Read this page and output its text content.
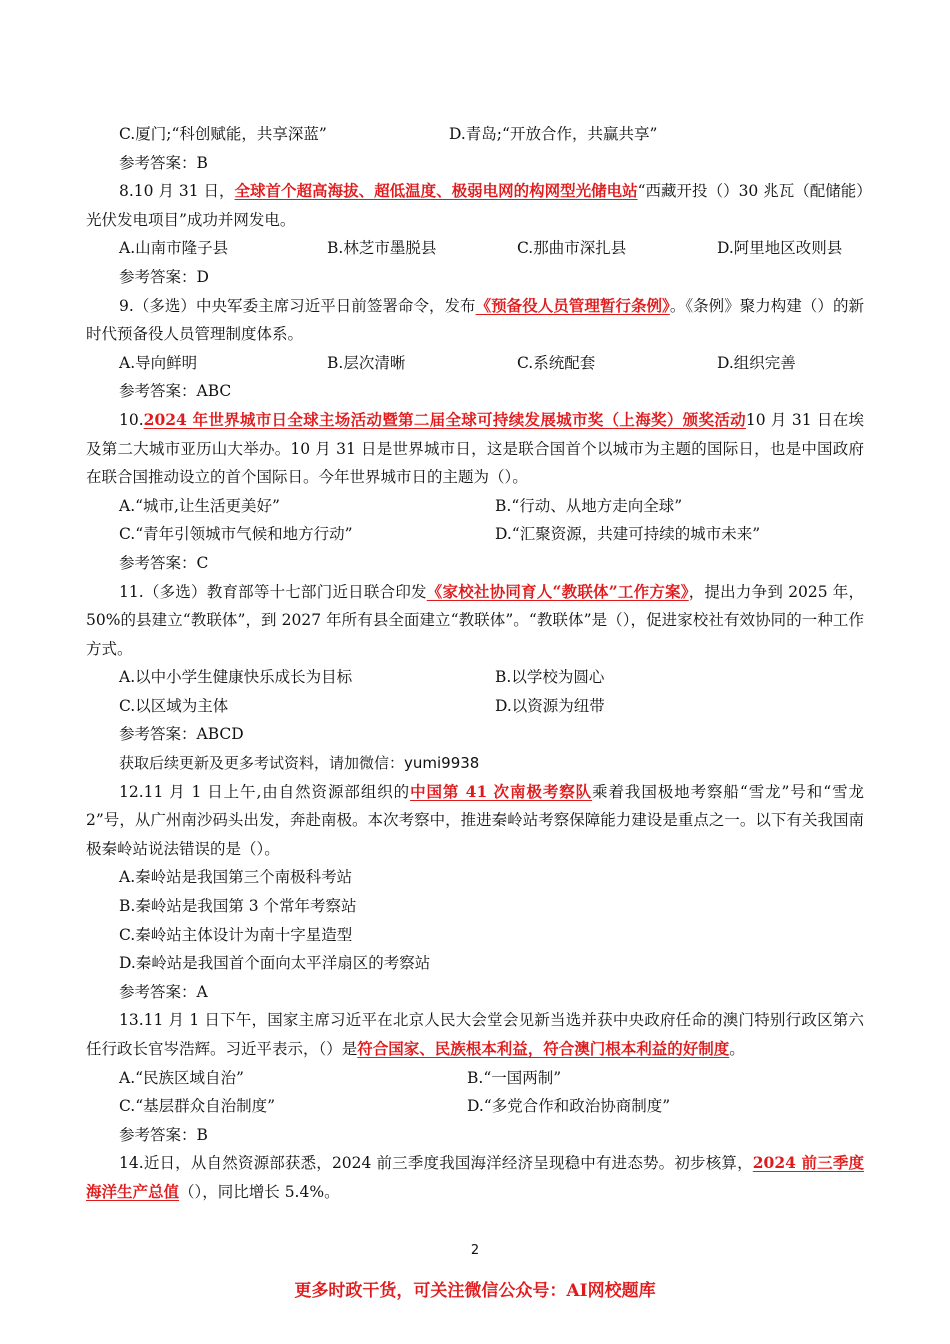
C.厦门;“科创赋能，共享深蓝”	D.青岛;“开放合作，共赢共享”
参考答案：B
8.10 月 31 日，全球首个超高海拔、超低温度、极弱电网的构网型光储电站“西藏开投（）30 兆瓦（配储能）光伏发电项目”成功并网发电。
A.山南市隆子县	B.林芝市墨脱县	C.那曲市深扎县	D.阿里地区改则县
参考答案：D
9.（多选）中央军委主席习近平日前签署命令，发布《预备役人员管理暂行条例》。《条例》聚力构建（）的新时代预备役人员管理制度体系。
A.导向鲜明	B.层次清晰	C.系统配套	D.组织完善
参考答案：ABC
10.2024 年世界城市日全球主场活动暨第二届全球可持续发展城市奖（上海奖）颁奖活动10 月 31 日在埃及第二大城市亚历山大举办。10 月 31 日是世界城市日，这是联合国首个以城市为主题的国际日，也是中国政府在联合国推动设立的首个国际日。今年世界城市日的主题为（）。
A.“城市,让生活更美好”	B.“行动、从地方走向全球”
C.“青年引领城市气候和地方行动”	D.“汇聚资源，共建可持续的城市未来”
参考答案：C
11.（多选）教育部等十七部门近日联合印发《家校社协同育人“教联体”工作方案》，提出力争到 2025 年，50%的县建立“教联体”，到 2027 年所有县全面建立“教联体”。“教联体”是（），促进家校社有效协同的一种工作方式。
A.以中小学生健康快乐成长为目标	B.以学校为圆心
C.以区域为主体	D.以资源为纽带
参考答案：ABCD
获取后续更新及更多考试资料，请加微信：yumi9938
12.11 月 1 日上午,由自然资源部组织的中国第 41 次南极考察队乘着我国极地考察船“雪龙”号和“雪龙 2”号，从广州南沙码头出发，奔赴南极。本次考察中，推进秦岭站考察保障能力建设是重点之一。以下有关我国南极秦岭站说法错误的是（）。
A.秦岭站是我国第三个南极科考站
B.秦岭站是我国第 3 个常年考察站
C.秦岭站主体设计为南十字星造型
D.秦岭站是我国首个面向太平洋扇区的考察站
参考答案：A
13.11 月 1 日下午，国家主席习近平在北京人民大会堂会见新当选并获中央政府任命的澳门特别行政区第六任行政长官岑浩辉。习近平表示，（）是符合国家、民族根本利益，符合澳门根本利益的好制度。
A.“民族区域自治”	B.“一国两制”
C.“基层群众自治制度”	D.“多党合作和政治协商制度”
参考答案：B
14.近日，从自然资源部获悉，2024 前三季度我国海洋经济呈现稳中有进态势。初步核算，2024 前三季度海洋生产总值（），同比增长 5.4%。
2
更多时政干货，可关注微信公众号：AI网校题库
